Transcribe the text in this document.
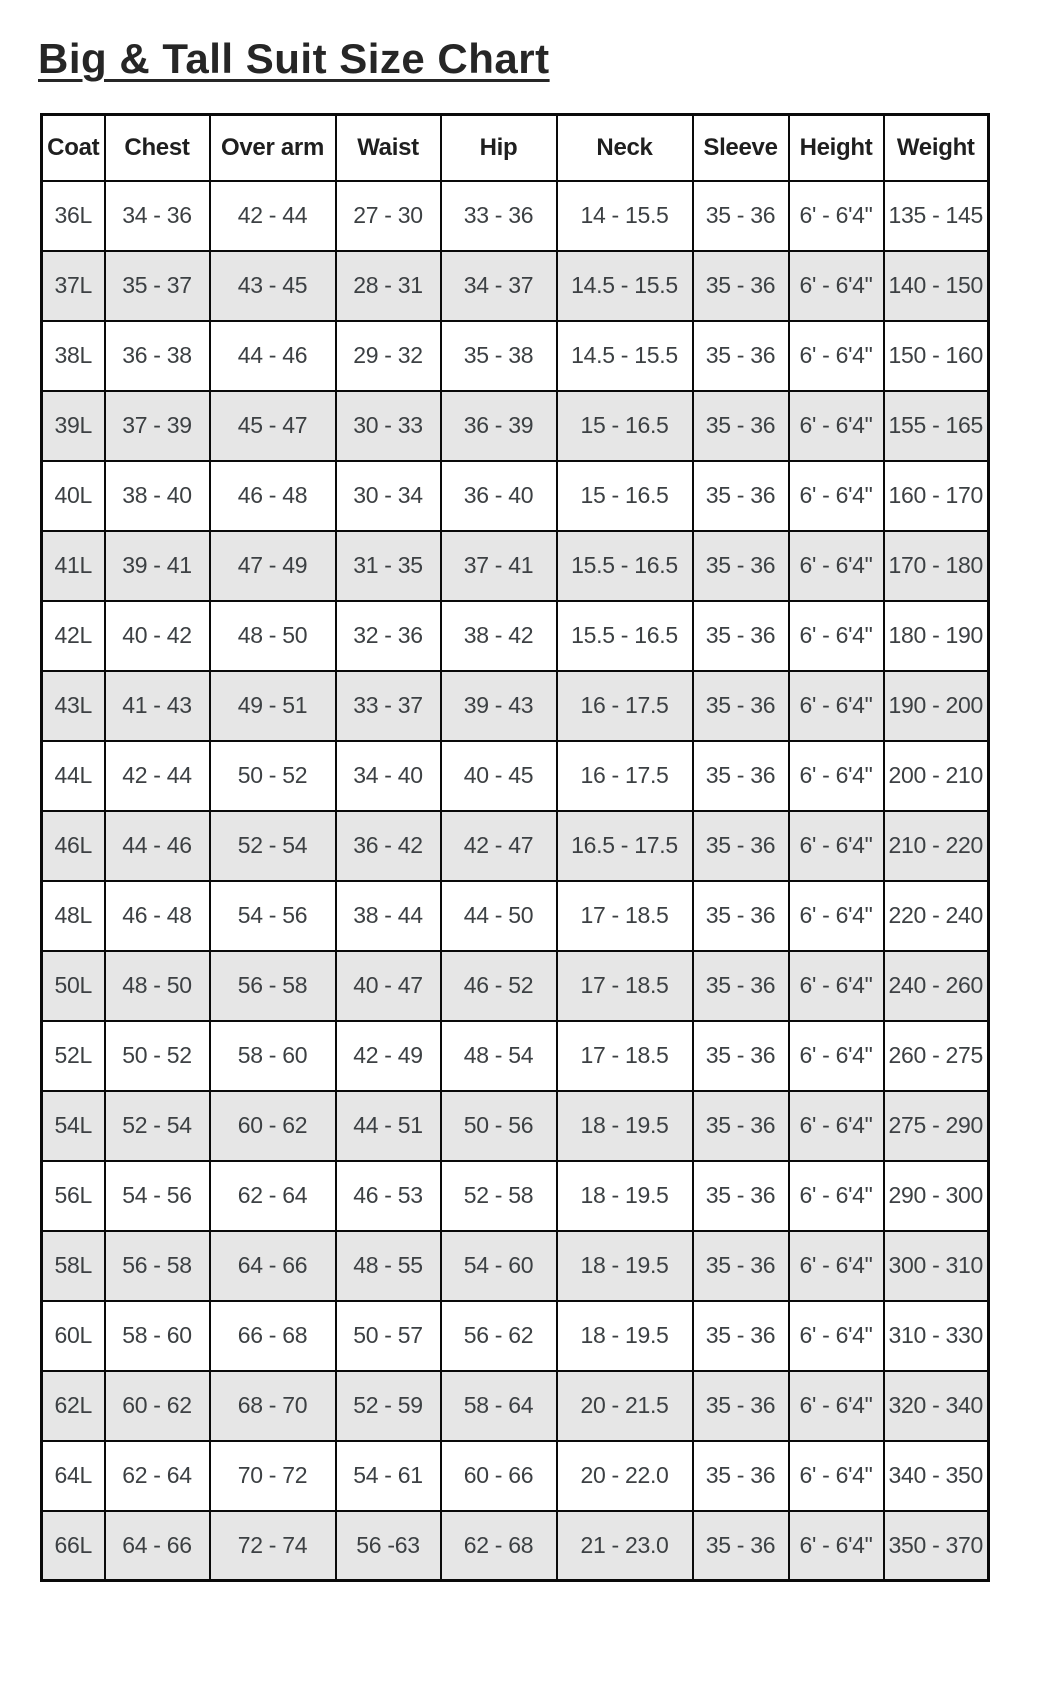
Big & Tall Suit Size Chart
Coat	Chest	Over arm	Waist	Hip	Neck	Sleeve	Height	Weight
36L	34 - 36	42 - 44	27 - 30	33 - 36	14 - 15.5	35 - 36	6' - 6'4"	135 - 145
37L	35 - 37	43 - 45	28 - 31	34 - 37	14.5 - 15.5	35 - 36	6' - 6'4"	140 - 150
38L	36 - 38	44 - 46	29 - 32	35 - 38	14.5 - 15.5	35 - 36	6' - 6'4"	150 - 160
39L	37 - 39	45 - 47	30 - 33	36 - 39	15 - 16.5	35 - 36	6' - 6'4"	155 - 165
40L	38 - 40	46 - 48	30 - 34	36 - 40	15 - 16.5	35 - 36	6' - 6'4"	160 - 170
41L	39 - 41	47 - 49	31 - 35	37 - 41	15.5 - 16.5	35 - 36	6' - 6'4"	170 - 180
42L	40 - 42	48 - 50	32 - 36	38 - 42	15.5 - 16.5	35 - 36	6' - 6'4"	180 - 190
43L	41 - 43	49 - 51	33 - 37	39 - 43	16 - 17.5	35 - 36	6' - 6'4"	190 - 200
44L	42 - 44	50 - 52	34 - 40	40 - 45	16 - 17.5	35 - 36	6' - 6'4"	200 - 210
46L	44 - 46	52 - 54	36 - 42	42 - 47	16.5 - 17.5	35 - 36	6' - 6'4"	210 - 220
48L	46 - 48	54 - 56	38 - 44	44 - 50	17 - 18.5	35 - 36	6' - 6'4"	220 - 240
50L	48 - 50	56 - 58	40 - 47	46 - 52	17 - 18.5	35 - 36	6' - 6'4"	240 - 260
52L	50 - 52	58 - 60	42 - 49	48 - 54	17 - 18.5	35 - 36	6' - 6'4"	260 - 275
54L	52 - 54	60 - 62	44 - 51	50 - 56	18 - 19.5	35 - 36	6' - 6'4"	275 - 290
56L	54 - 56	62 - 64	46 - 53	52 - 58	18 - 19.5	35 - 36	6' - 6'4"	290 - 300
58L	56 - 58	64 - 66	48 - 55	54 - 60	18 - 19.5	35 - 36	6' - 6'4"	300 - 310
60L	58 - 60	66 - 68	50 - 57	56 - 62	18 - 19.5	35 - 36	6' - 6'4"	310 - 330
62L	60 - 62	68 - 70	52 - 59	58 - 64	20 - 21.5	35 - 36	6' - 6'4"	320 - 340
64L	62 - 64	70 - 72	54 - 61	60 - 66	20 - 22.0	35 - 36	6' - 6'4"	340 - 350
66L	64 - 66	72 - 74	56 -63	62 - 68	21 - 23.0	35 - 36	6' - 6'4"	350 - 370
